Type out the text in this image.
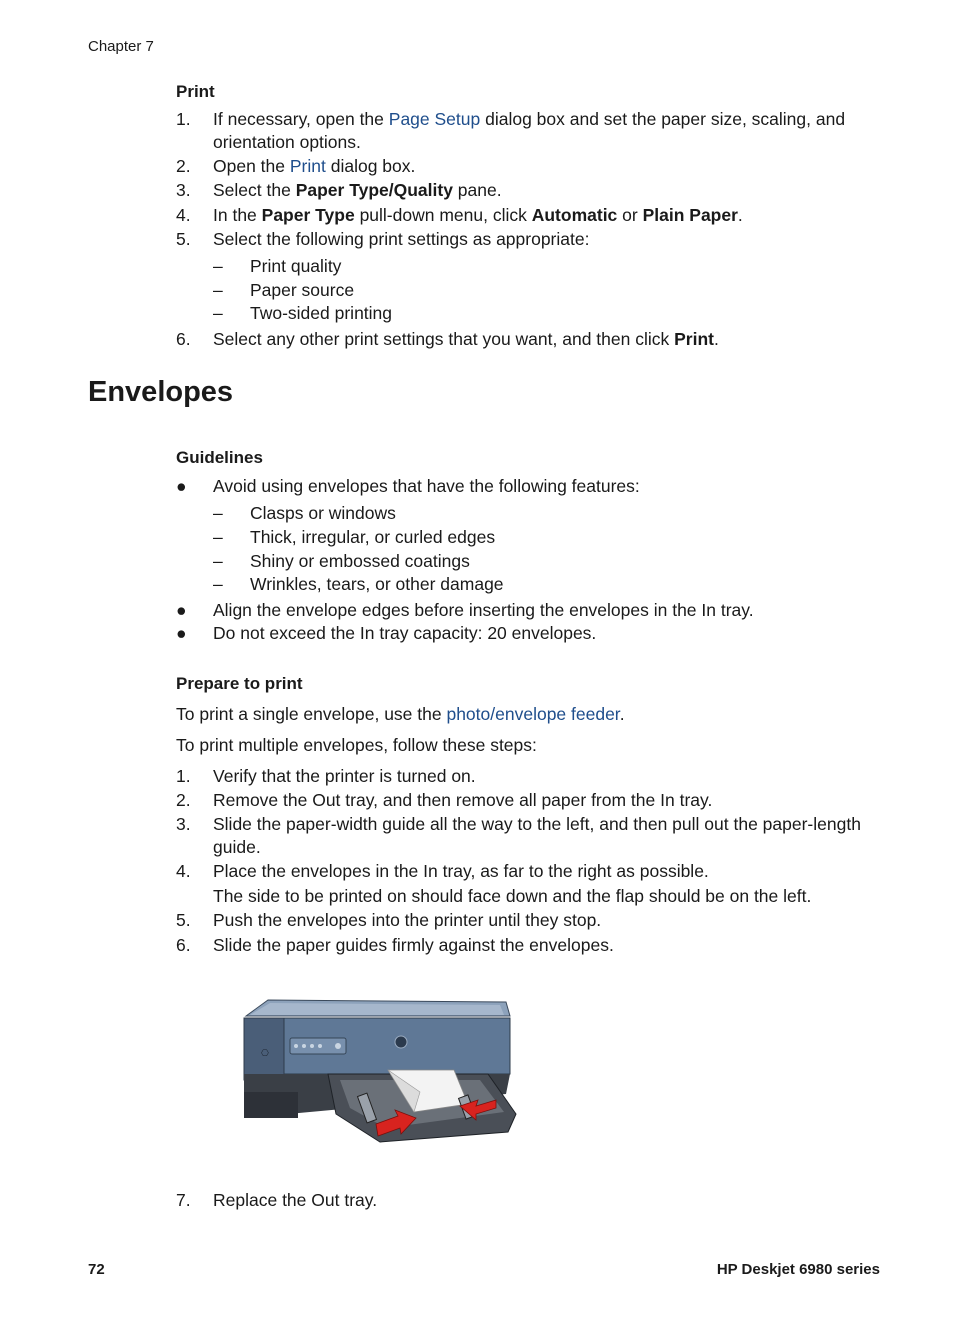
Chapter 7
Print
1.	If necessary, open the Page Setup dialog box and set the paper size, scaling, and orientation options.
2.	Open the Print dialog box.
3.	Select the Paper Type/Quality pane.
4.	In the Paper Type pull-down menu, click Automatic or Plain Paper.
5.	Select the following print settings as appropriate:
– Print quality
– Paper source
– Two-sided printing
6.	Select any other print settings that you want, and then click Print.
Envelopes
Guidelines
●	Avoid using envelopes that have the following features:
– Clasps or windows
– Thick, irregular, or curled edges
– Shiny or embossed coatings
– Wrinkles, tears, or other damage
●	Align the envelope edges before inserting the envelopes in the In tray.
●	Do not exceed the In tray capacity: 20 envelopes.
Prepare to print
To print a single envelope, use the photo/envelope feeder.
To print multiple envelopes, follow these steps:
1.	Verify that the printer is turned on.
2.	Remove the Out tray, and then remove all paper from the In tray.
3.	Slide the paper-width guide all the way to the left, and then pull out the paper-length guide.
4.	Place the envelopes in the In tray, as far to the right as possible.
The side to be printed on should face down and the flap should be on the left.
5.	Push the envelopes into the printer until they stop.
6.	Slide the paper guides firmly against the envelopes.
⎔
7.	Replace the Out tray.
72	HP Deskjet 6980 series
